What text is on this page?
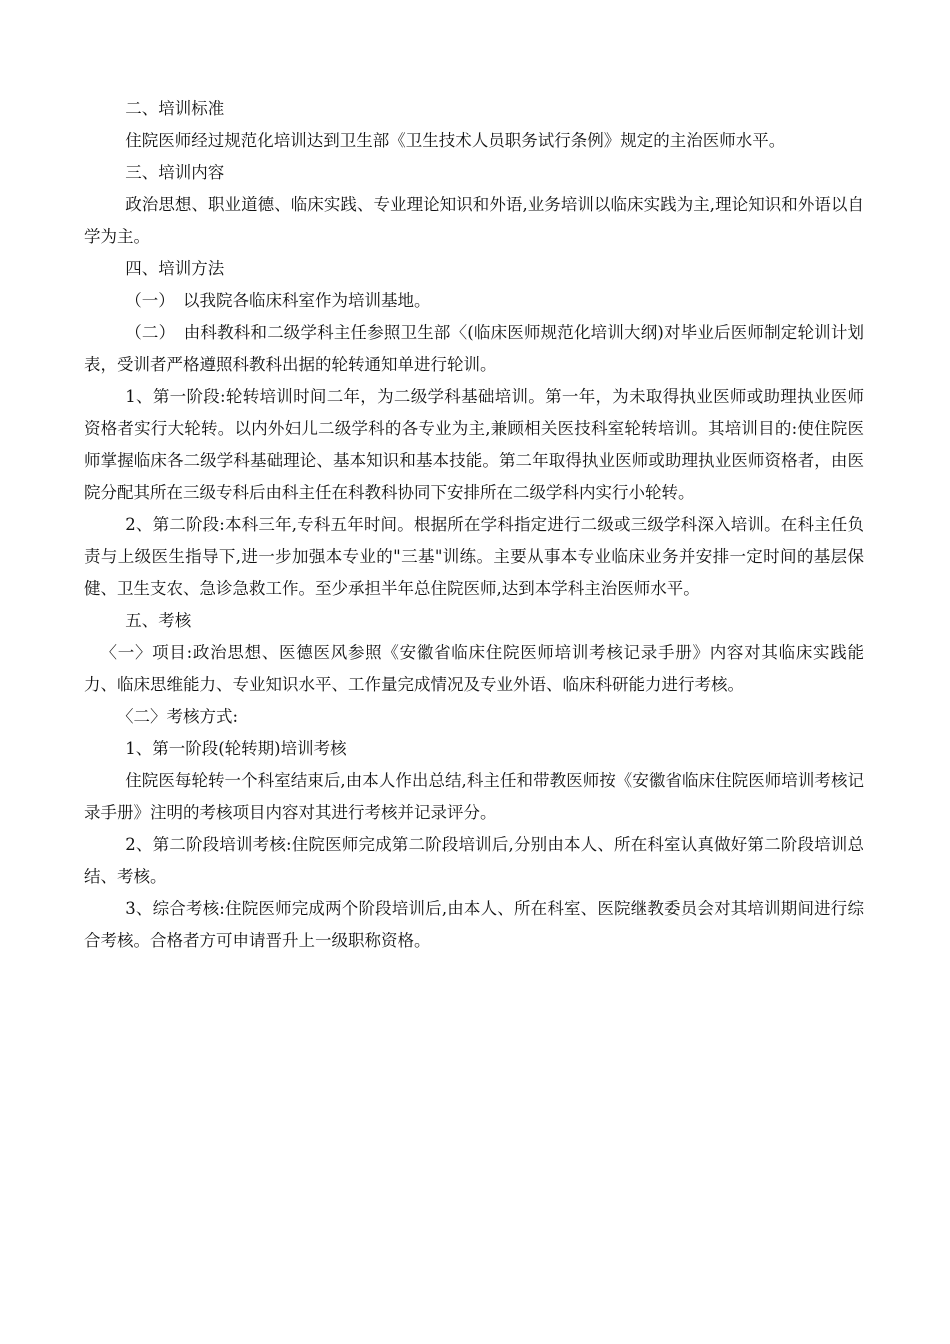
二、培训标准

住院医师经过规范化培训达到卫生部《卫生技术人员职务试行条例》规定的主治医师水平。

三、培训内容

政治思想、职业道德、临床实践、专业理论知识和外语,业务培训以临床实践为主,理论知识和外语以自学为主。

四、培训方法

（一）　以我院各临床科室作为培训基地。

（二）　由科教科和二级学科主任参照卫生部〈(临床医师规范化培训大纲)对毕业后医师制定轮训计划表，受训者严格遵照科教科出据的轮转通知单进行轮训。

1、第一阶段:轮转培训时间二年，为二级学科基础培训。第一年，为未取得执业医师或助理执业医师资格者实行大轮转。以内外妇儿二级学科的各专业为主,兼顾相关医技科室轮转培训。其培训目的:使住院医师掌握临床各二级学科基础理论、基本知识和基本技能。第二年取得执业医师或助理执业医师资格者，由医院分配其所在三级专科后由科主任在科教科协同下安排所在二级学科内实行小轮转。

2、第二阶段:本科三年,专科五年时间。根据所在学科指定进行二级或三级学科深入培训。在科主任负责与上级医生指导下,进一步加强本专业的"三基"训练。主要从事本专业临床业务并安排一定时间的基层保健、卫生支农、急诊急救工作。至少承担半年总住院医师,达到本学科主治医师水平。

五、考核

〈一〉项目:政治思想、医德医风参照《安徽省临床住院医师培训考核记录手册》内容对其临床实践能力、临床思维能力、专业知识水平、工作量完成情况及专业外语、临床科研能力进行考核。

〈二〉考核方式:

1、第一阶段(轮转期)培训考核

住院医每轮转一个科室结束后,由本人作出总结,科主任和带教医师按《安徽省临床住院医师培训考核记录手册》注明的考核项目内容对其进行考核并记录评分。

2、第二阶段培训考核:住院医师完成第二阶段培训后,分别由本人、所在科室认真做好第二阶段培训总结、考核。

3、综合考核:住院医师完成两个阶段培训后,由本人、所在科室、医院继教委员会对其培训期间进行综合考核。合格者方可申请晋升上一级职称资格。
